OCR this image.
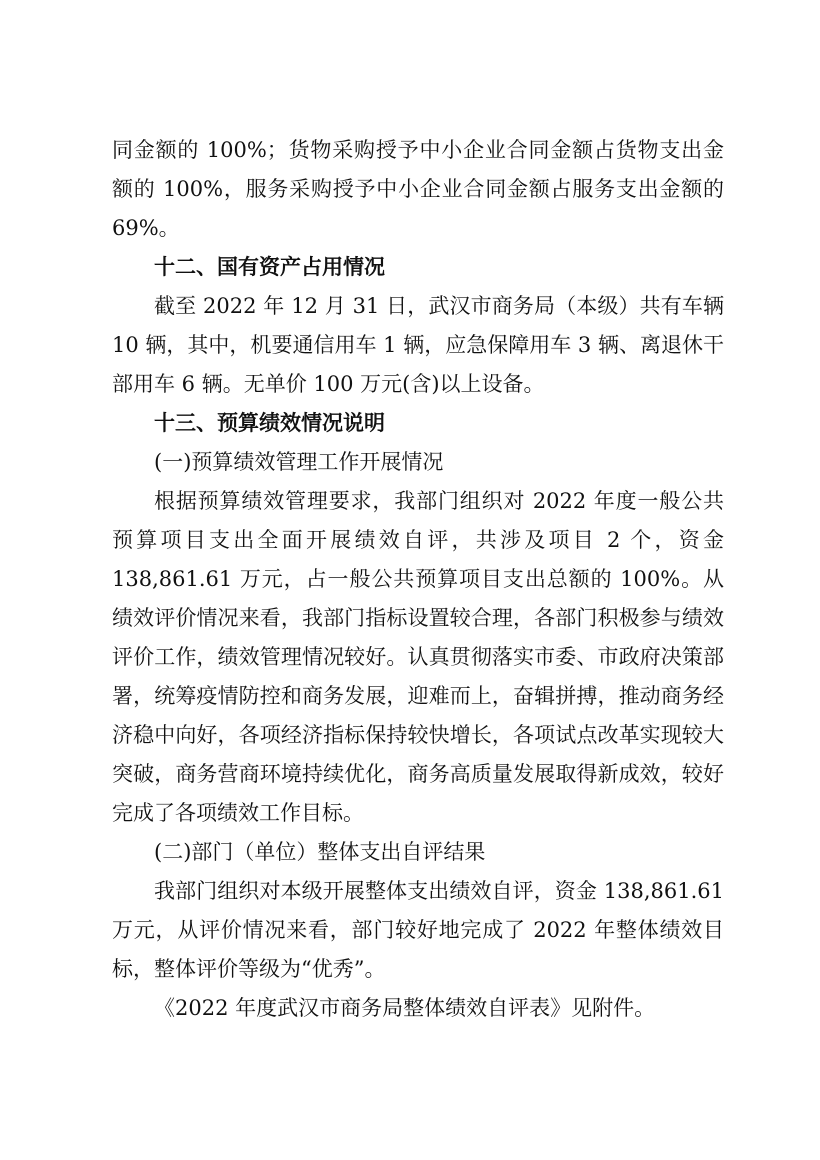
同金额的 100%；货物采购授予中小企业合同金额占货物支出金额的 100%，服务采购授予中小企业合同金额占服务支出金额的 69%。

十二、国有资产占用情况

截至 2022 年 12 月 31 日，武汉市商务局（本级）共有车辆 10 辆，其中，机要通信用车 1 辆，应急保障用车 3 辆、离退休干部用车 6 辆。无单价 100 万元(含)以上设备。

十三、预算绩效情况说明

(一)预算绩效管理工作开展情况

根据预算绩效管理要求，我部门组织对 2022 年度一般公共预算项目支出全面开展绩效自评，共涉及项目 2 个，资金 138,861.61 万元，占一般公共预算项目支出总额的 100%。从绩效评价情况来看，我部门指标设置较合理，各部门积极参与绩效评价工作，绩效管理情况较好。认真贯彻落实市委、市政府决策部署，统筹疫情防控和商务发展，迎难而上，奋辑拼搏，推动商务经济稳中向好，各项经济指标保持较快增长，各项试点改革实现较大突破，商务营商环境持续优化，商务高质量发展取得新成效，较好完成了各项绩效工作目标。

(二)部门（单位）整体支出自评结果

我部门组织对本级开展整体支出绩效自评，资金 138,861.61 万元，从评价情况来看，部门较好地完成了 2022 年整体绩效目标，整体评价等级为“优秀”。

《2022 年度武汉市商务局整体绩效自评表》见附件。
